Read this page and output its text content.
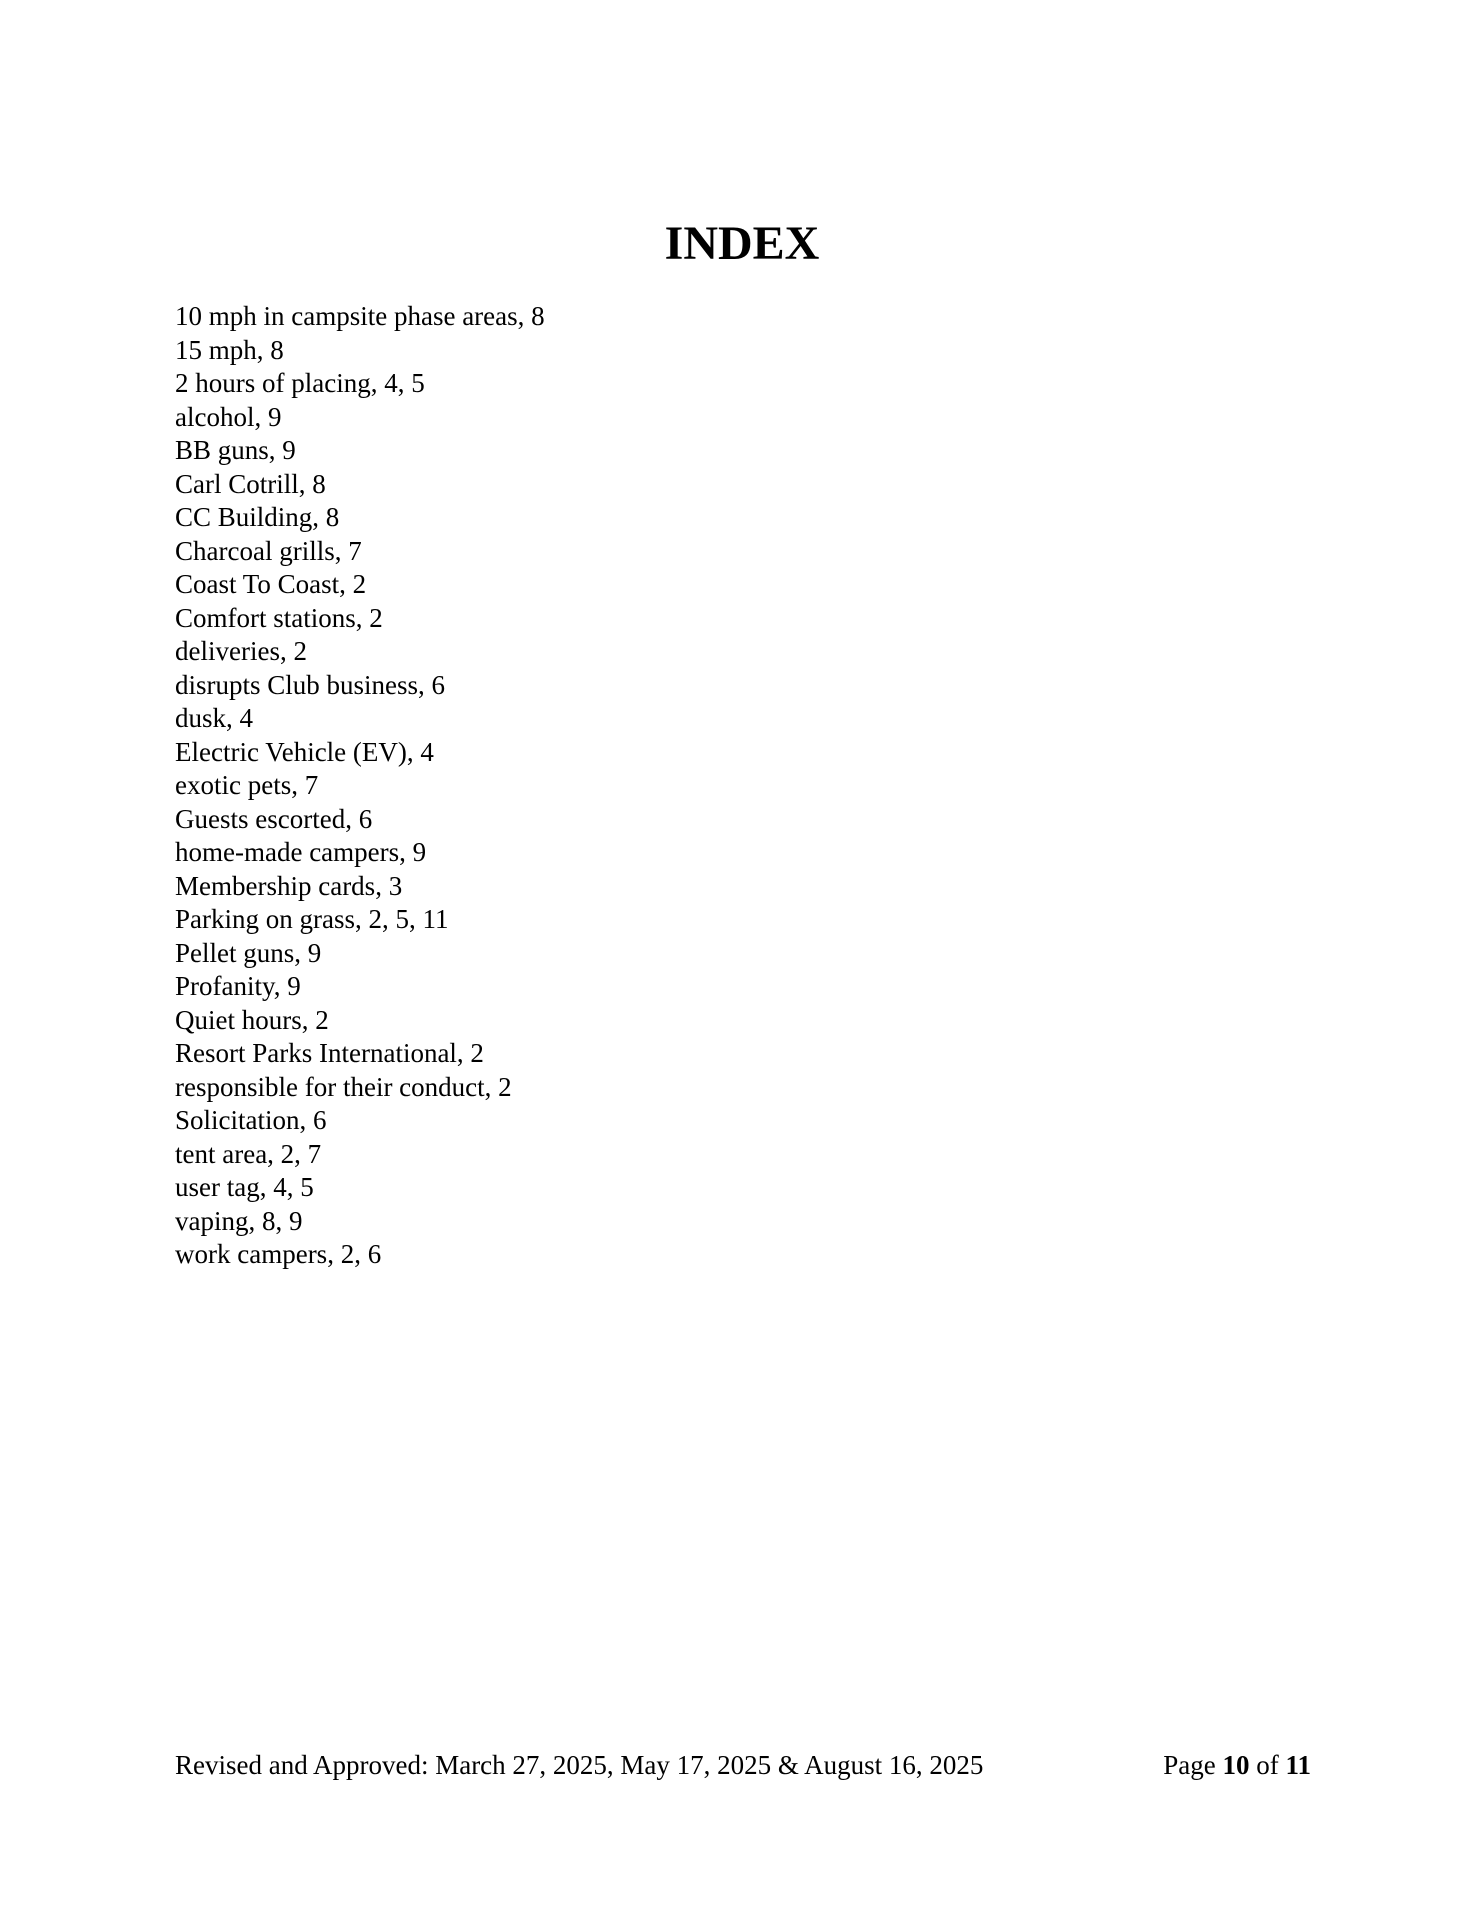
INDEX
10 mph in campsite phase areas, 8
15 mph, 8
2 hours of placing, 4, 5
alcohol, 9
BB guns, 9
Carl Cotrill, 8
CC Building, 8
Charcoal grills, 7
Coast To Coast, 2
Comfort stations, 2
deliveries, 2
disrupts Club business, 6
dusk, 4
Electric Vehicle (EV), 4
exotic pets, 7
Guests escorted, 6
home-made campers, 9
Membership cards, 3
Parking on grass, 2, 5, 11
Pellet guns, 9
Profanity, 9
Quiet hours, 2
Resort Parks International, 2
responsible for their conduct, 2
Solicitation, 6
tent area, 2, 7
user tag, 4, 5
vaping, 8, 9
work campers, 2, 6
Revised and Approved: March 27, 2025, May 17, 2025 & August 16, 2025	Page 10 of 11
